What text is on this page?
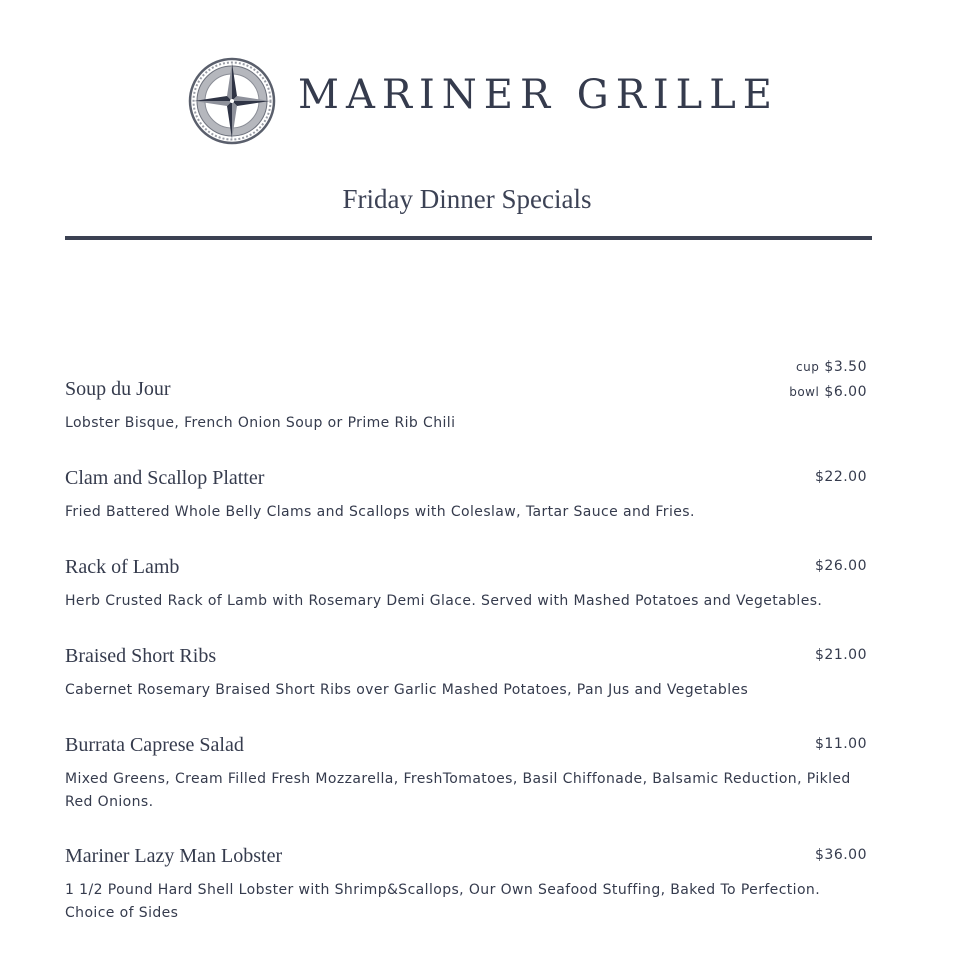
MARINER GRILLE
Friday Dinner Specials
Soup du Jour
cup $3.50
bowl $6.00
Lobster Bisque, French Onion Soup or Prime Rib Chili
Clam and Scallop Platter	$22.00
Fried Battered Whole Belly Clams and Scallops with Coleslaw, Tartar Sauce and Fries.
Rack of Lamb	$26.00
Herb Crusted Rack of Lamb with Rosemary Demi Glace. Served with Mashed Potatoes and Vegetables.
Braised Short Ribs	$21.00
Cabernet Rosemary Braised Short Ribs over Garlic Mashed Potatoes, Pan Jus and Vegetables
Burrata Caprese Salad	$11.00
Mixed Greens, Cream Filled Fresh Mozzarella, FreshTomatoes, Basil Chiffonade, Balsamic Reduction, Pikled Red Onions.
Mariner Lazy Man Lobster	$36.00
1 1/2 Pound Hard Shell Lobster with Shrimp&Scallops, Our Own Seafood Stuffing, Baked To Perfection. Choice of Sides
